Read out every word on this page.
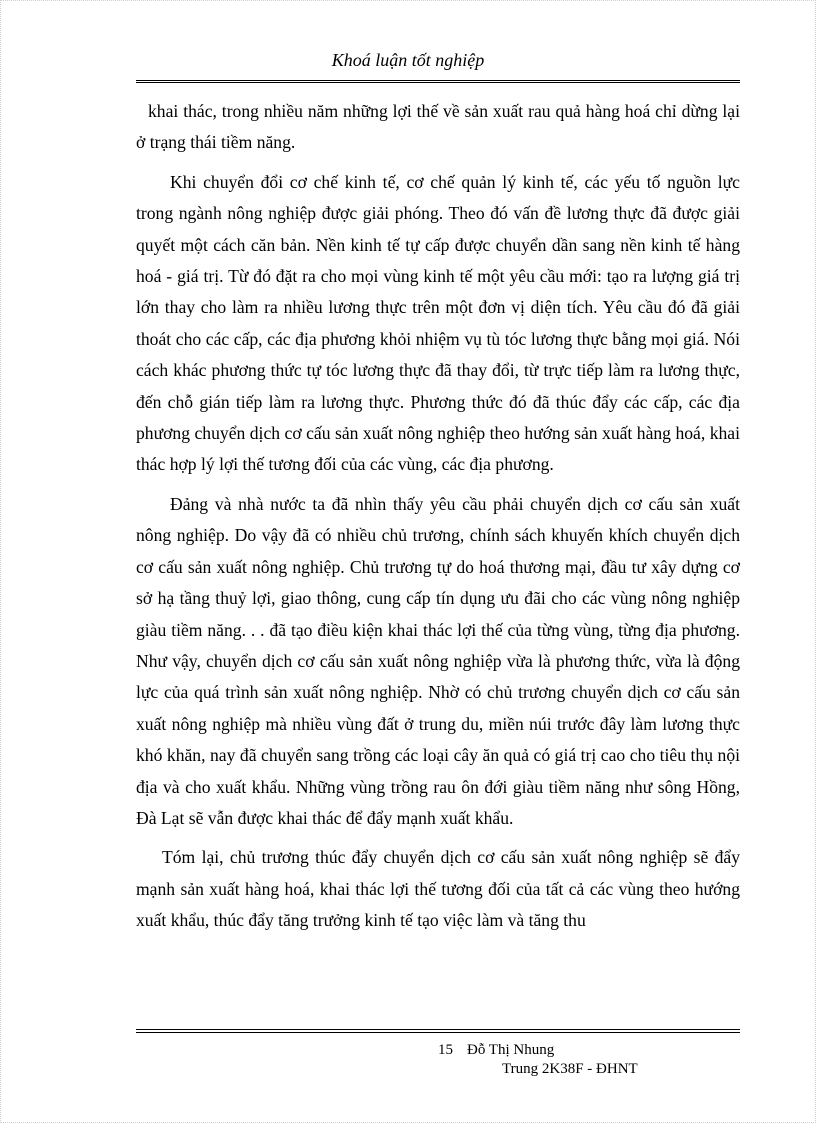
Khoá luận tốt nghiệp

khai thác, trong nhiều năm những lợi thế về sản xuất rau quả hàng hoá chỉ dừng lại ở trạng thái tiềm năng.

Khi chuyển đổi cơ chế kinh tế, cơ chế quản lý kinh tế, các yếu tố nguồn lực trong ngành nông nghiệp được giải phóng. Theo đó vấn đề lương thực đã được giải quyết một cách căn bản. Nền kinh tế tự cấp được chuyển dần sang nền kinh tế hàng hoá - giá trị. Từ đó đặt ra cho mọi vùng kinh tế một yêu cầu mới: tạo ra lượng giá trị lớn thay cho làm ra nhiều lương thực trên một đơn vị diện tích. Yêu cầu đó đã giải thoát cho các cấp, các địa phương khỏi nhiệm vụ tù tóc lương thực bằng mọi giá. Nói cách khác phương thức tự tóc lương thực đã thay đổi, từ trực tiếp làm ra lương thực, đến chỗ gián tiếp làm ra lương thực. Phương thức đó đã thúc đẩy các cấp, các địa phương chuyển dịch cơ cấu sản xuất nông nghiệp theo hướng sản xuất hàng hoá, khai thác hợp lý lợi thế tương đối của các vùng, các địa phương.

Đảng và nhà nước ta đã nhìn thấy yêu cầu phải chuyển dịch cơ cấu sản xuất nông nghiệp. Do vậy đã có nhiều chủ trương, chính sách khuyến khích chuyển dịch cơ cấu sản xuất nông nghiệp. Chủ trương tự do hoá thương mại, đầu tư xây dựng cơ sở hạ tầng thuỷ lợi, giao thông, cung cấp tín dụng ưu đãi cho các vùng nông nghiệp giàu tiềm năng. . . đã tạo điều kiện khai thác lợi thế của từng vùng, từng địa phương. Như vậy, chuyển dịch cơ cấu sản xuất nông nghiệp vừa là phương thức, vừa là động lực của quá trình sản xuất nông nghiệp. Nhờ có chủ trương chuyển dịch cơ cấu sản xuất nông nghiệp mà nhiều vùng đất ở trung du, miền núi trước đây làm lương thực khó khăn, nay đã chuyển sang trồng các loại cây ăn quả có giá trị cao cho tiêu thụ nội địa và cho xuất khẩu. Những vùng trồng rau ôn đới giàu tiềm năng như sông Hồng, Đà Lạt sẽ vẫn được khai thác để đẩy mạnh xuất khẩu.

Tóm lại, chủ trương thúc đẩy chuyển dịch cơ cấu sản xuất nông nghiệp sẽ đẩy mạnh sản xuất hàng hoá, khai thác lợi thế tương đối của tất cả các vùng theo hướng xuất khẩu, thúc đẩy tăng trưởng kinh tế tạo việc làm và tăng thu

15 Đỗ Thị Nhung
Trung 2K38F - ĐHNT
